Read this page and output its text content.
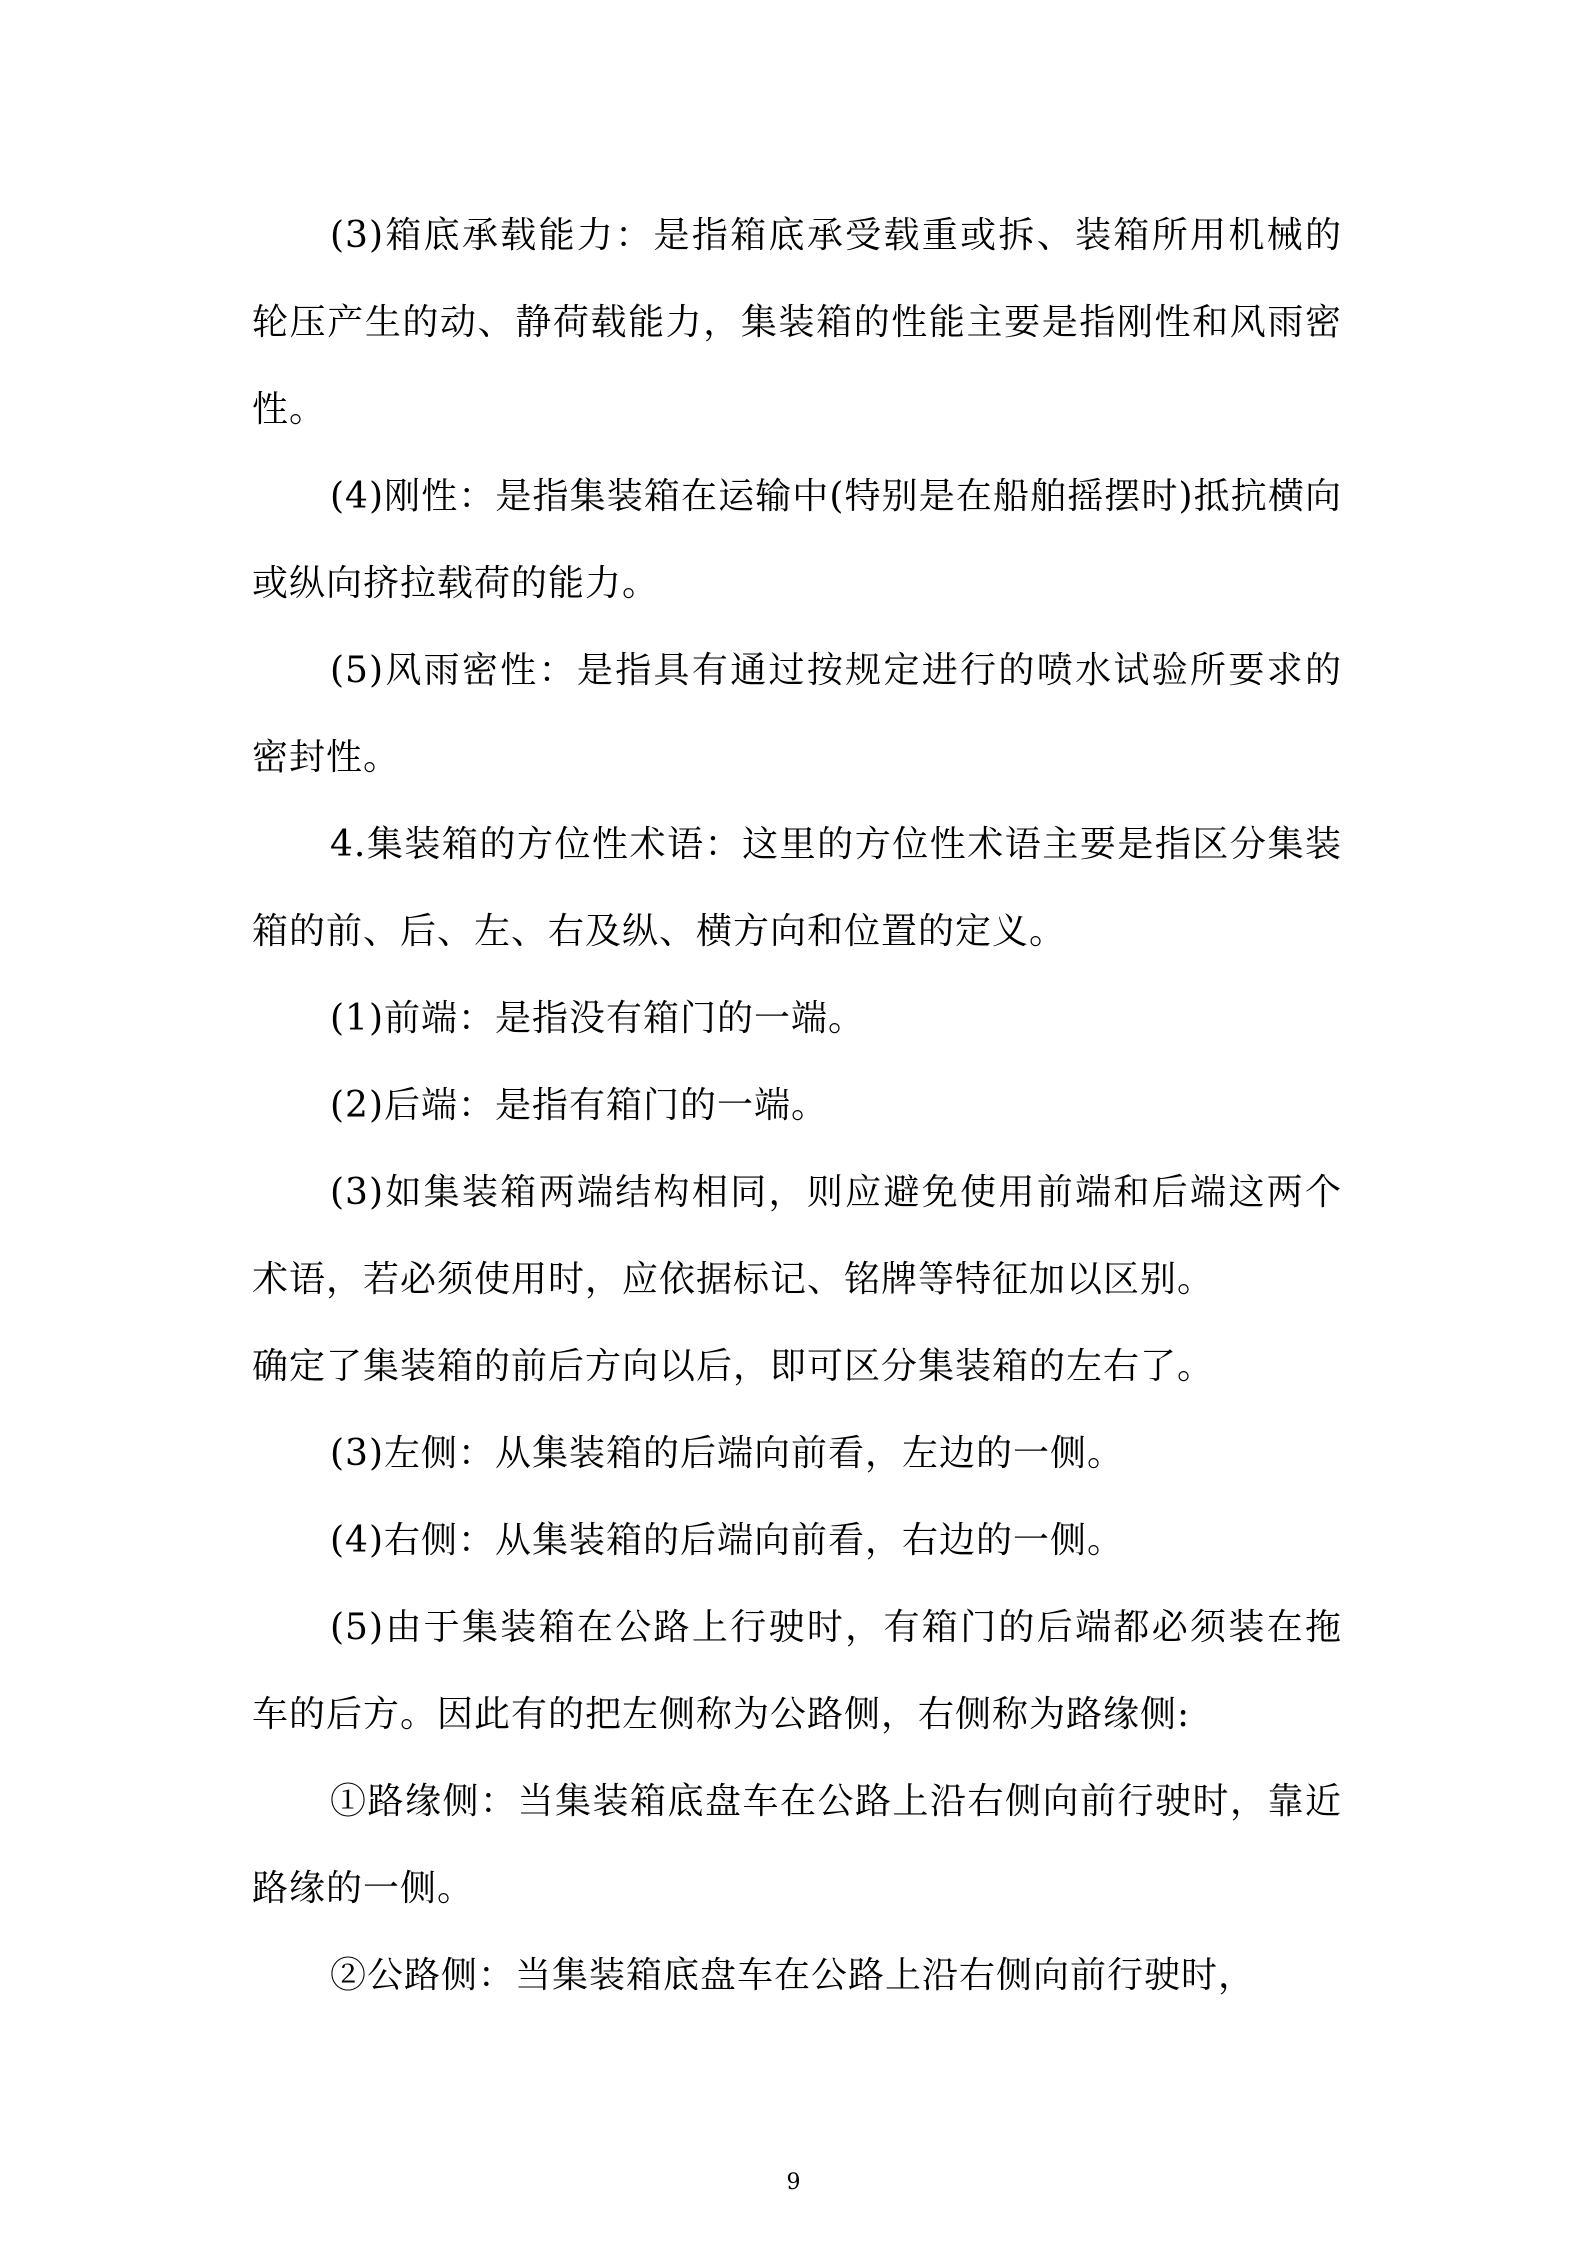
(3)箱底承载能力：是指箱底承受载重或拆、装箱所用机械的轮压产生的动、静荷载能力，集装箱的性能主要是指刚性和风雨密性。

(4)刚性：是指集装箱在运输中(特别是在船舶摇摆时)抵抗横向或纵向挤拉载荷的能力。

(5)风雨密性：是指具有通过按规定进行的喷水试验所要求的密封性。

4.集装箱的方位性术语：这里的方位性术语主要是指区分集装箱的前、后、左、右及纵、横方向和位置的定义。

(1)前端：是指没有箱门的一端。

(2)后端：是指有箱门的一端。

(3)如集装箱两端结构相同，则应避免使用前端和后端这两个术语，若必须使用时，应依据标记、铭牌等特征加以区别。

确定了集装箱的前后方向以后，即可区分集装箱的左右了。

(3)左侧：从集装箱的后端向前看，左边的一侧。

(4)右侧：从集装箱的后端向前看，右边的一侧。

(5)由于集装箱在公路上行驶时，有箱门的后端都必须装在拖车的后方。因此有的把左侧称为公路侧，右侧称为路缘侧:

①路缘侧：当集装箱底盘车在公路上沿右侧向前行驶时，靠近路缘的一侧。

②公路侧：当集装箱底盘车在公路上沿右侧向前行驶时，

9
